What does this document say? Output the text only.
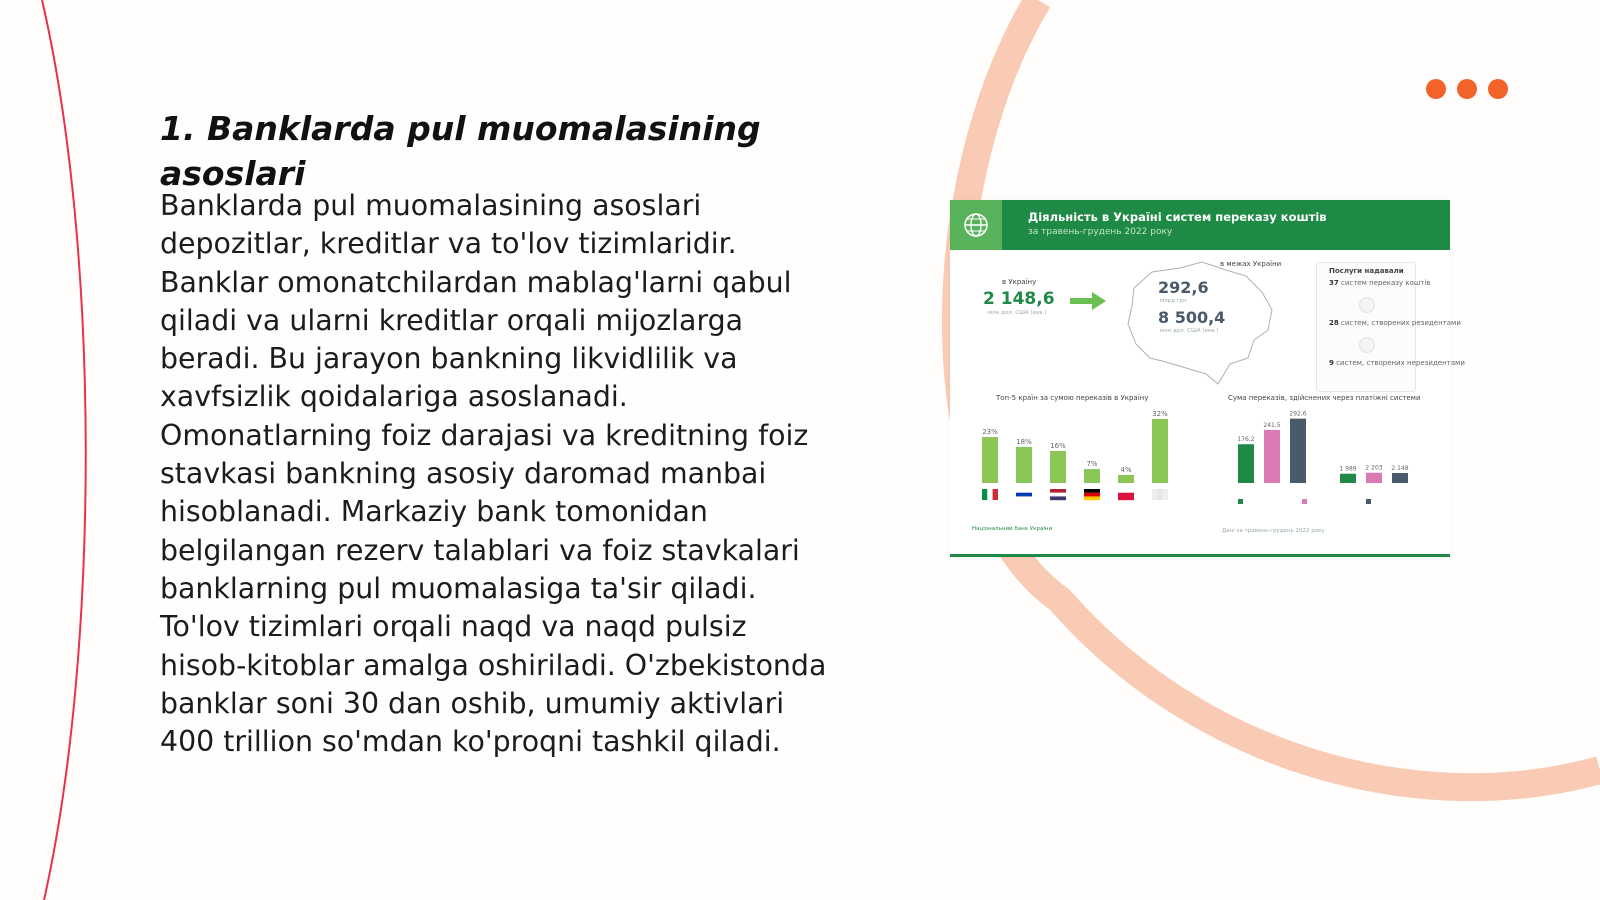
1. Banklarda pul muomalasining asoslari

Banklarda pul muomalasining asoslari depozitlar, kreditlar va to'lov tizimlaridir. Banklar omonatchilardan mablag'larni qabul qiladi va ularni kreditlar orqali mijozlarga beradi. Bu jarayon bankning likvidlilik va xavfsizlik qoidalariga asoslanadi. Omonatlarning foiz darajasi va kreditning foiz stavkasi bankning asosiy daromad manbai hisoblanadi. Markaziy bank tomonidan belgilangan rezerv talablari va foiz stavkalari banklarning pul muomalasiga ta'sir qiladi. To'lov tizimlari orqali naqd va naqd pulsiz hisob-kitoblar amalga oshiriladi. O'zbekistonda banklar soni 30 dan oshib, umumiy aktivlari 400 trillion so'mdan ko'proqni tashkil qiladi.

Діяльність в Україні систем переказу коштів
за травень-грудень 2022 року
в Україну
2 148,6
млн дол. США (екв.)
в межах України
292,6
млрд грн
8 500,4
млн дол. США (екв.)
Послуги надавали
37 систем переказу коштів
28 систем, створених резидентами
9 систем, створених нерезидентами
Топ-5 країн за сумою переказів в Україну
23%
18%	16%
7%
4%
32%
Сума переказів, здійснених через платіжні системи
176,2
241,5
292,6
1 989 2 203 2 148
Національний банк України	Дані за травень-грудень 2022 року
